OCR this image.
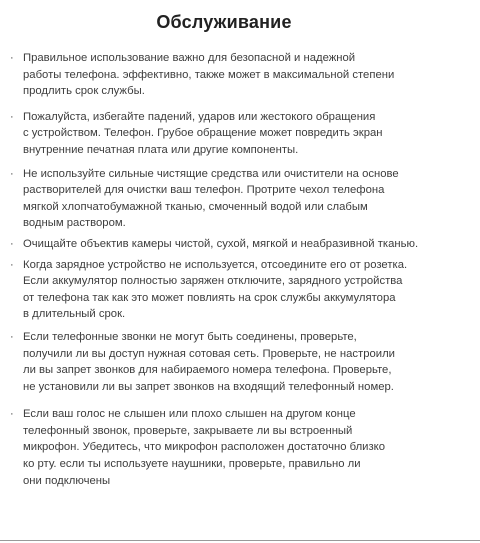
Обслуживание
· Правильное использование важно для безопасной и надежной
работы телефона. эффективно, также может в максимальной степени
продлить срок службы.
· Пожалуйста, избегайте падений, ударов или жестокого обращения
с устройством. Телефон. Грубое обращение может повредить экран
внутренние печатная плата или другие компоненты.
· Не используйте сильные чистящие средства или очистители на основе
растворителей для очистки ваш телефон. Протрите чехол телефона
мягкой хлопчатобумажной тканью, смоченный водой или слабым
водным раствором.
· Очищайте объектив камеры чистой, сухой, мягкой и неабразивной тканью.
· Когда зарядное устройство не используется, отсоедините его от розетка.
Если аккумулятор полностью заряжен отключите, зарядного устройства
от телефона так как это может повлиять на срок службы аккумулятора
в длительный срок.
· Если телефонные звонки не могут быть соединены, проверьте,
получили ли вы доступ нужная сотовая сеть. Проверьте, не настроили
ли вы запрет звонков для набираемого номера телефона. Проверьте,
не установили ли вы запрет звонков на входящий телефонный номер.
· Если ваш голос не слышен или плохо слышен на другом конце
телефонный звонок, проверьте, закрываете ли вы встроенный
микрофон. Убедитесь, что микрофон расположен достаточно близко
ко рту. если ты используете наушники, проверьте, правильно ли
они подключены
